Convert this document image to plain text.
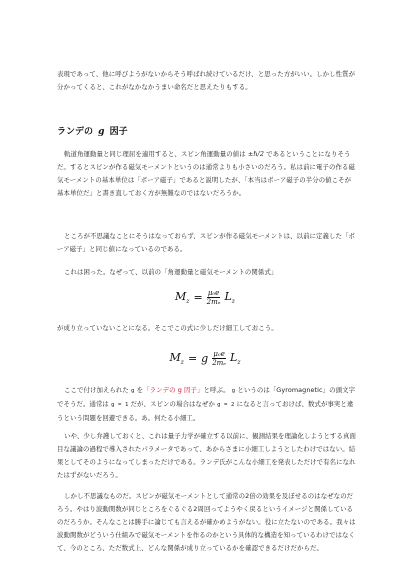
表現であって、他に呼びようがないからそう呼ばれ続けているだけ、と思った方がいい。しかし性質が分かってくると、これがなかなかうまい命名だと思えたりもする。

ランデの g 因子

軌道角運動量と同じ理屈を適用すると、スピン角運動量の値は ±ℏ/2 であるということになりそうだ。するとスピンが作る磁気モーメントというのは通常よりも小さいのだろう。私は前に電子の作る磁気モーメントの基本単位は「ボーア磁子」であると説明したが、「本当はボーア磁子の半分の値こそが基本単位だ」と書き直しておく方が無難なのではないだろうか。

ところが不思議なことにそうはなっておらず、スピンが作る磁気モーメントは、以前に定義した「ボーア磁子」と同じ値になっているのである。

これは困った。なぜって、以前の「角運動量と磁気モーメントの関係式」

$M_z = \frac{\text{μ₀e}}{\text{2mₑ}} L_z$

が成り立っていないことになる。そこでこの式に少しだけ細工しておこう。

$M_z = g \frac{\text{μ₀e}}{\text{2mₑ}} L_z$

ここで付け加えられた g を「ランデの g 因子」と呼ぶ。 g というのは「Gyromagnetic」の頭文字でそうだ。通常は g = 1 だが、スピンの場合はなぜか g = 2 になると言っておけば、数式が事実と違うという問題を回避できる。あ。何たる小細工。

いや、少し弁護しておくと、これは量子力学が確立する以前に、観測結果を理論化しようとする真面目な議論の過程で導入されたパラメータであって、あからさまに小細工しようとしたわけではない。結果としてそのようになってしまっただけである。ランデ氏がこんな小細工を発表しただけで有名になれたはずがないだろう。

しかし不思議なものだ。スピンが磁気モーメントとして通常の2倍の効果を及ぼせるのはなぜなのだろう。やはり波動関数が同じところをぐるぐる2周回ってようやく戻るというイメージと関係しているのだろうか。そんなことは勝手に論じても言えるが確かめようがない。役に立たないのである。我々は波動関数がどういう仕組みで磁気モーメントを作るのかという具体的な構造を知っているわけではなくて、今のところ、ただ数式上、どんな関係が成り立っているかを確認できるだけだからだ。
